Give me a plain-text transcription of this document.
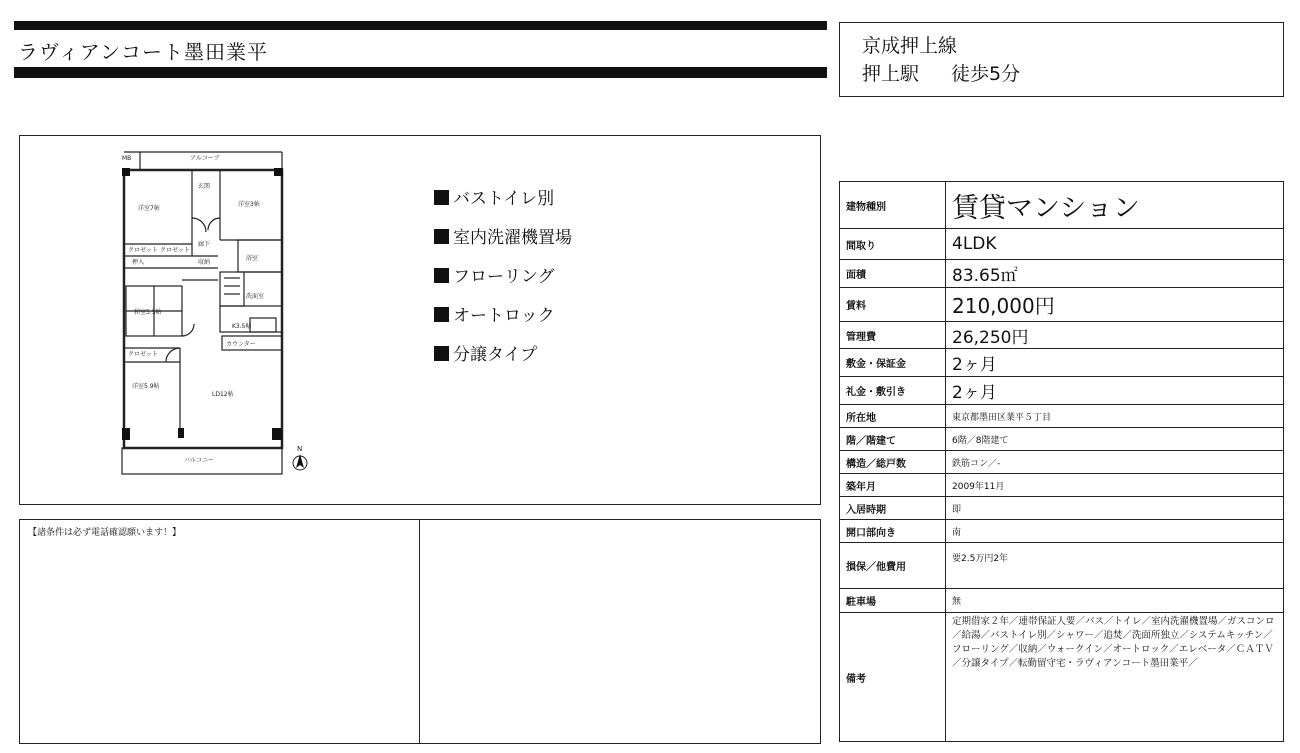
ラヴィアンコート墨田業平	京成押上線
押上駅 徒歩5分
アルコーブ
MB
玄関
廊下
洋室7帖
洋室3帖
クロゼット クロゼット
押入	収納
浴室
洗面室
和室5.5帖
K3.5帖
カウンター
クロゼット
洋室5.9帖
LD12帖
バルコニー
N
バストイレ別
室内洗濯機置場
フローリング
オートロック
分譲タイプ
【諸条件は必ず電話確認願います！】
建物種別	賃貸マンション
間取り	4LDK
面積	83.65㎡
賃料	210,000円
管理費	26,250円
敷金・保証金	2ヶ月
礼金・敷引き	2ヶ月
所在地	東京都墨田区業平５丁目
階／階建て	6階／8階建て
構造／総戸数	鉄筋コン／-
築年月	2009年11月
入居時期	即
開口部向き	南
損保／他費用	要2.5万円2年
駐車場	無
備考	定期借家２年／連帯保証人要／バス／トイレ／室内洗濯機置場／ガスコンロ／給湯／バストイレ別／シャワー／追焚／洗面所独立／システムキッチン／フローリング／収納／ウォークイン／オートロック／エレベータ／ＣＡＴＶ／分譲タイプ／転勤留守宅・ラヴィアンコート墨田業平／
